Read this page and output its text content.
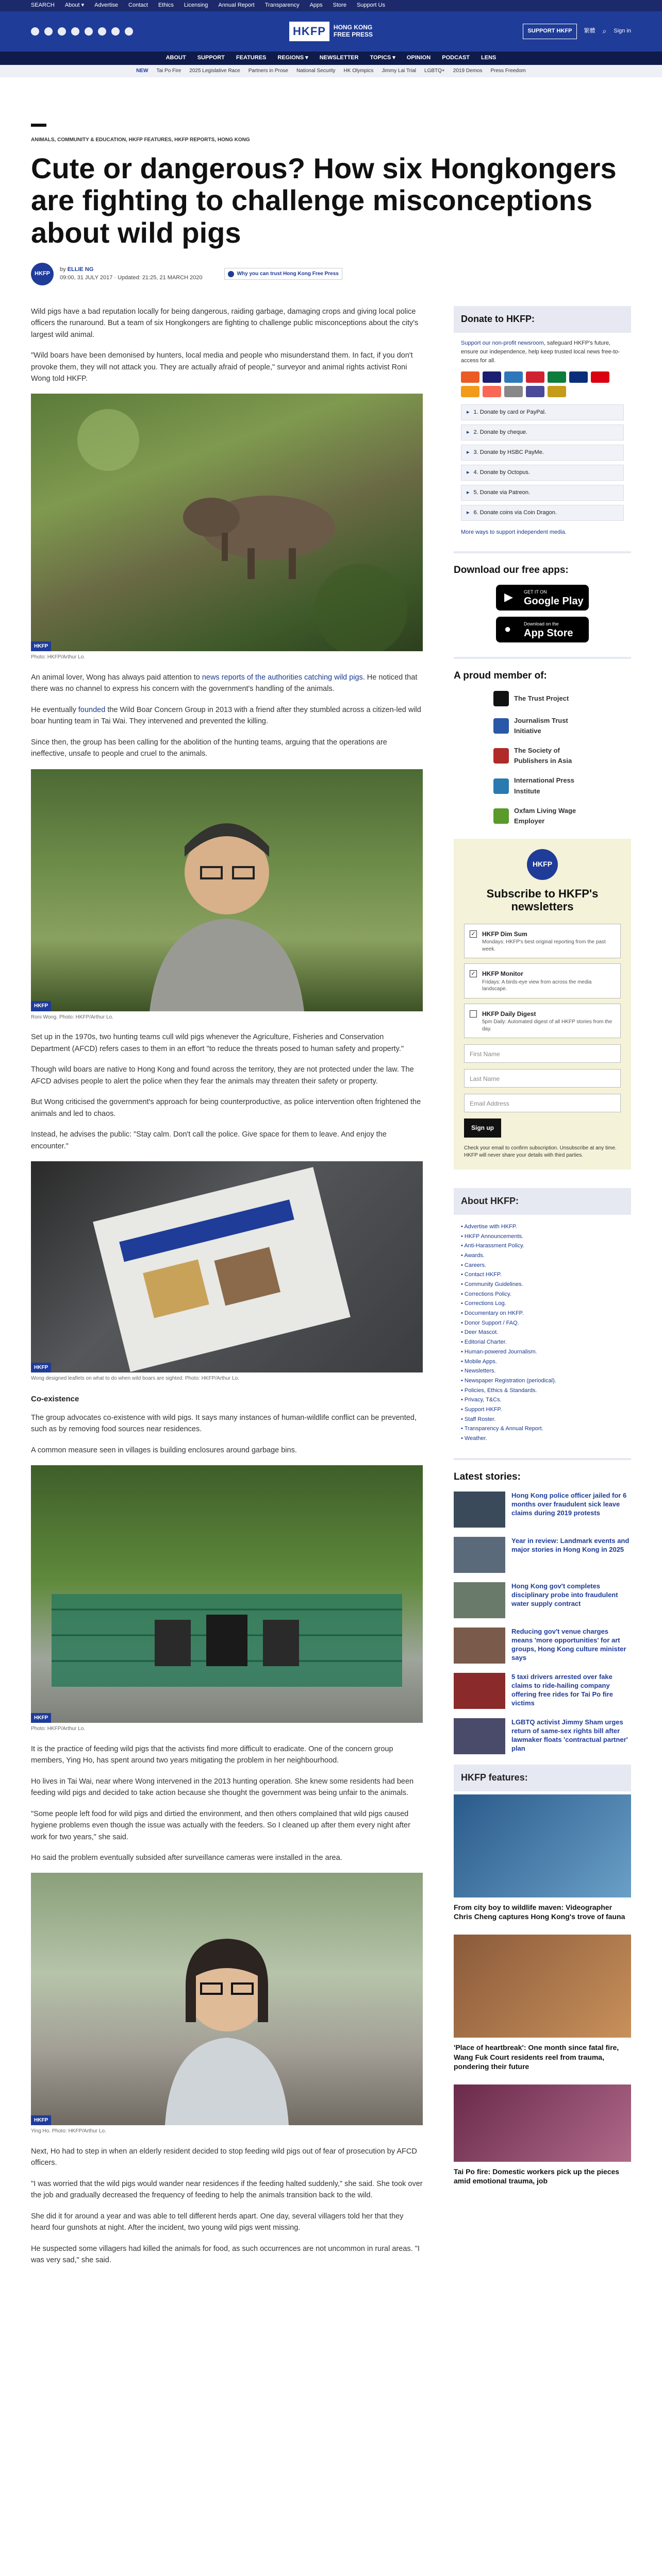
SEARCH About ▾ Advertise Contact Ethics Licensing Annual Report Transparency Apps Store Support Us
HKFP	HONG KONG
FREE PRESS	SUPPORT HKFP	繁體 ⌕ Sign in
ABOUT SUPPORT FEATURES REGIONS ▾ NEWSLETTER TOPICS ▾ OPINION PODCAST LENS
NEW Tai Po Fire 2025 Legislative Race Partners in Prose National Security HK Olympics Jimmy Lai Trial LGBTQ+ 2019 Demos Press Freedom
ANIMALS, COMMUNITY & EDUCATION, HKFP FEATURES, HKFP REPORTS, HONG KONG
Cute or dangerous? How six Hongkongers are fighting to challenge misconceptions about wild pigs
HKFP
by ELLIE NG
09:00, 31 JULY 2017 · Updated: 21:25, 21 MARCH 2020
Why you can trust Hong Kong Free Press

Wild pigs have a bad reputation locally for being dangerous, raiding garbage, damaging crops and giving local police officers the runaround. But a team of six Hongkongers are fighting to challenge public misconceptions about the city's largest wild animal.

"Wild boars have been demonised by hunters, local media and people who misunderstand them. In fact, if you don't provoke them, they will not attack you. They are actually afraid of people," surveyor and animal rights activist Roni Wong told HKFP.

HKFP
Photo: HKFP/Arthur Lo.

An animal lover, Wong has always paid attention to news reports of the authorities catching wild pigs. He noticed that there was no channel to express his concern with the government's handling of the animals.

He eventually founded the Wild Boar Concern Group in 2013 with a friend after they stumbled across a citizen-led wild boar hunting team in Tai Wai. They intervened and prevented the killing.

Since then, the group has been calling for the abolition of the hunting teams, arguing that the operations are ineffective, unsafe to people and cruel to the animals.

HKFP
Roni Wong. Photo: HKFP/Arthur Lo.

Set up in the 1970s, two hunting teams cull wild pigs whenever the Agriculture, Fisheries and Conservation Department (AFCD) refers cases to them in an effort "to reduce the threats posed to human safety and property."

Though wild boars are native to Hong Kong and found across the territory, they are not protected under the law. The AFCD advises people to alert the police when they fear the animals may threaten their safety or property.

But Wong criticised the government's approach for being counterproductive, as police intervention often frightened the animals and led to chaos.

Instead, he advises the public: "Stay calm. Don't call the police. Give space for them to leave. And enjoy the encounter."

HKFP
Wong designed leaflets on what to do when wild boars are sighted. Photo: HKFP/Arthur Lo.
Co-existence

The group advocates co-existence with wild pigs. It says many instances of human-wildlife conflict can be prevented, such as by removing food sources near residences.

A common measure seen in villages is building enclosures around garbage bins.

HKFP
Photo: HKFP/Arthur Lo.

It is the practice of feeding wild pigs that the activists find more difficult to eradicate. One of the concern group members, Ying Ho, has spent around two years mitigating the problem in her neighbourhood.

Ho lives in Tai Wai, near where Wong intervened in the 2013 hunting operation. She knew some residents had been feeding wild pigs and decided to take action because she thought the government was being unfair to the animals.

"Some people left food for wild pigs and dirtied the environment, and then others complained that wild pigs caused hygiene problems even though the issue was actually with the feeders. So I cleaned up after them every night after work for two years," she said.

Ho said the problem eventually subsided after surveillance cameras were installed in the area.

HKFP
Ying Ho. Photo: HKFP/Arthur Lo.

Next, Ho had to step in when an elderly resident decided to stop feeding wild pigs out of fear of prosecution by AFCD officers.

"I was worried that the wild pigs would wander near residences if the feeding halted suddenly," she said. She took over the job and gradually decreased the frequency of feeding to help the animals transition back to the wild.

She did it for around a year and was able to tell different herds apart. One day, several villagers told her that they heard four gunshots at night. After the incident, two young wild pigs went missing.

He suspected some villagers had killed the animals for food, as such occurrences are not uncommon in rural areas. "I was very sad," she said.

Donate to HKFP:
Support our non-profit newsroom, safeguard HKFP's future, ensure our independence, help keep trusted local news free-to-access for all.
▸ 1. Donate by card or PayPal.
▸ 2. Donate by cheque.
▸ 3. Donate by HSBC PayMe.
▸ 4. Donate by Octopus.
▸ 5. Donate via Patreon.
▸ 6. Donate coins via Coin Dragon.
More ways to support independent media.
Download our free apps:
▶	GET IT ON
Google Play
●	Download on the
App Store
A proud member of:
The Trust Project
Journalism Trust Initiative
The Society of Publishers in Asia
International Press Institute
Oxfam Living Wage Employer
HKFP
Subscribe to HKFP's newsletters
✓ HKFP Dim Sum
Mondays: HKFP's best original reporting from the past week.
✓ HKFP Monitor
Fridays: A birds-eye view from across the media landscape.
HKFP Daily Digest
5pm Daily: Automated digest of all HKFP stories from the day.
First Name
Last Name
Email Address
Sign up
Check your email to confirm subscription. Unsubscribe at any time. HKFP will never share your details with third parties.
About HKFP:
• Advertise with HKFP.
• HKFP Announcements.
• Anti-Harassment Policy.
• Awards.
• Careers.
• Contact HKFP.
• Community Guidelines.
• Corrections Policy.
• Corrections Log.
• Documentary on HKFP.
• Donor Support / FAQ.
• Deer Mascot.
• Editorial Charter.
• Human-powered Journalism.
• Mobile Apps.
• Newsletters.
• Newspaper Registration (periodical).
• Policies, Ethics & Standards.
• Privacy, T&Cs.
• Support HKFP.
• Staff Roster.
• Transparency & Annual Report.
• Weather.
Latest stories:
Hong Kong police officer jailed for 6 months over fraudulent sick leave claims during 2019 protests
Year in review: Landmark events and major stories in Hong Kong in 2025
Hong Kong gov't completes disciplinary probe into fraudulent water supply contract
Reducing gov't venue charges means 'more opportunities' for art groups, Hong Kong culture minister says
5 taxi drivers arrested over fake claims to ride-hailing company offering free rides for Tai Po fire victims
LGBTQ activist Jimmy Sham urges return of same-sex rights bill after lawmaker floats 'contractual partner' plan
HKFP features:
From city boy to wildlife maven: Videographer Chris Cheng captures Hong Kong's trove of fauna
'Place of heartbreak': One month since fatal fire, Wang Fuk Court residents reel from trauma, pondering their future
Tai Po fire: Domestic workers pick up the pieces amid emotional trauma, job
